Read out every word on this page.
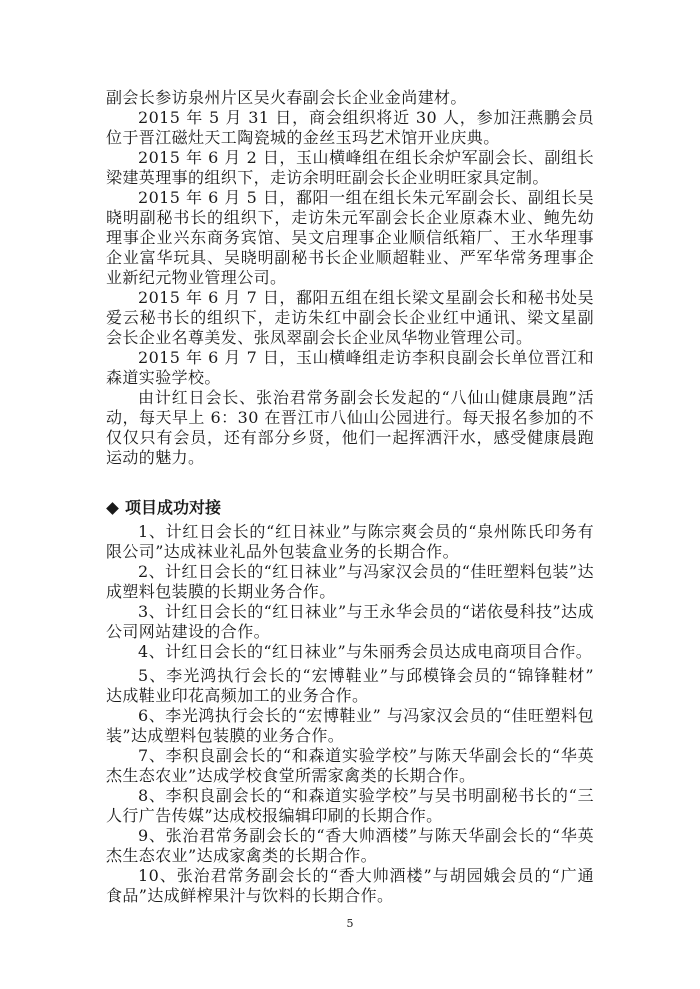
副会长参访泉州片区吴火春副会长企业金尚建材。

2015 年 5 月 31 日，商会组织将近 30 人，参加汪燕鹏会员位于晋江磁灶天工陶瓷城的金丝玉玛艺术馆开业庆典。

2015 年 6 月 2 日，玉山横峰组在组长余炉军副会长、副组长梁建英理事的组织下，走访余明旺副会长企业明旺家具定制。

2015 年 6 月 5 日，鄱阳一组在组长朱元军副会长、副组长吴晓明副秘书长的组织下，走访朱元军副会长企业原森木业、鲍先幼理事企业兴东商务宾馆、吴文启理事企业顺信纸箱厂、王水华理事企业富华玩具、吴晓明副秘书长企业顺超鞋业、严军华常务理事企业新纪元物业管理公司。

2015 年 6 月 7 日，鄱阳五组在组长梁文星副会长和秘书处吴爱云秘书长的组织下，走访朱红中副会长企业红中通讯、梁文星副会长企业名尊美发、张凤翠副会长企业凤华物业管理公司。

2015 年 6 月 7 日，玉山横峰组走访李积良副会长单位晋江和森道实验学校。

由计红日会长、张治君常务副会长发起的“八仙山健康晨跑”活动，每天早上 6：30 在晋江市八仙山公园进行。每天报名参加的不仅仅只有会员，还有部分乡贤，他们一起挥洒汗水，感受健康晨跑运动的魅力。

项目成功对接

1、计红日会长的“红日袜业”与陈宗爽会员的“泉州陈氏印务有限公司”达成袜业礼品外包装盒业务的长期合作。

2、计红日会长的“红日袜业”与冯家汉会员的“佳旺塑料包装”达成塑料包装膜的长期业务合作。

3、计红日会长的“红日袜业”与王永华会员的“诺依曼科技”达成公司网站建设的合作。

4、计红日会长的“红日袜业”与朱丽秀会员达成电商项目合作。

5、李光鸿执行会长的“宏博鞋业”与邱模锋会员的“锦锋鞋材” 达成鞋业印花高频加工的业务合作。

6、李光鸿执行会长的“宏博鞋业” 与冯家汉会员的“佳旺塑料包装”达成塑料包装膜的业务合作。

7、李积良副会长的“和森道实验学校”与陈天华副会长的“华英杰生态农业”达成学校食堂所需家禽类的长期合作。

8、李积良副会长的“和森道实验学校”与吴书明副秘书长的“三人行广告传媒”达成校报编辑印刷的长期合作。

9、张治君常务副会长的“香大帅酒楼”与陈天华副会长的“华英杰生态农业”达成家禽类的长期合作。

10、张治君常务副会长的“香大帅酒楼”与胡园娥会员的“广通食品”达成鲜榨果汁与饮料的长期合作。

5
